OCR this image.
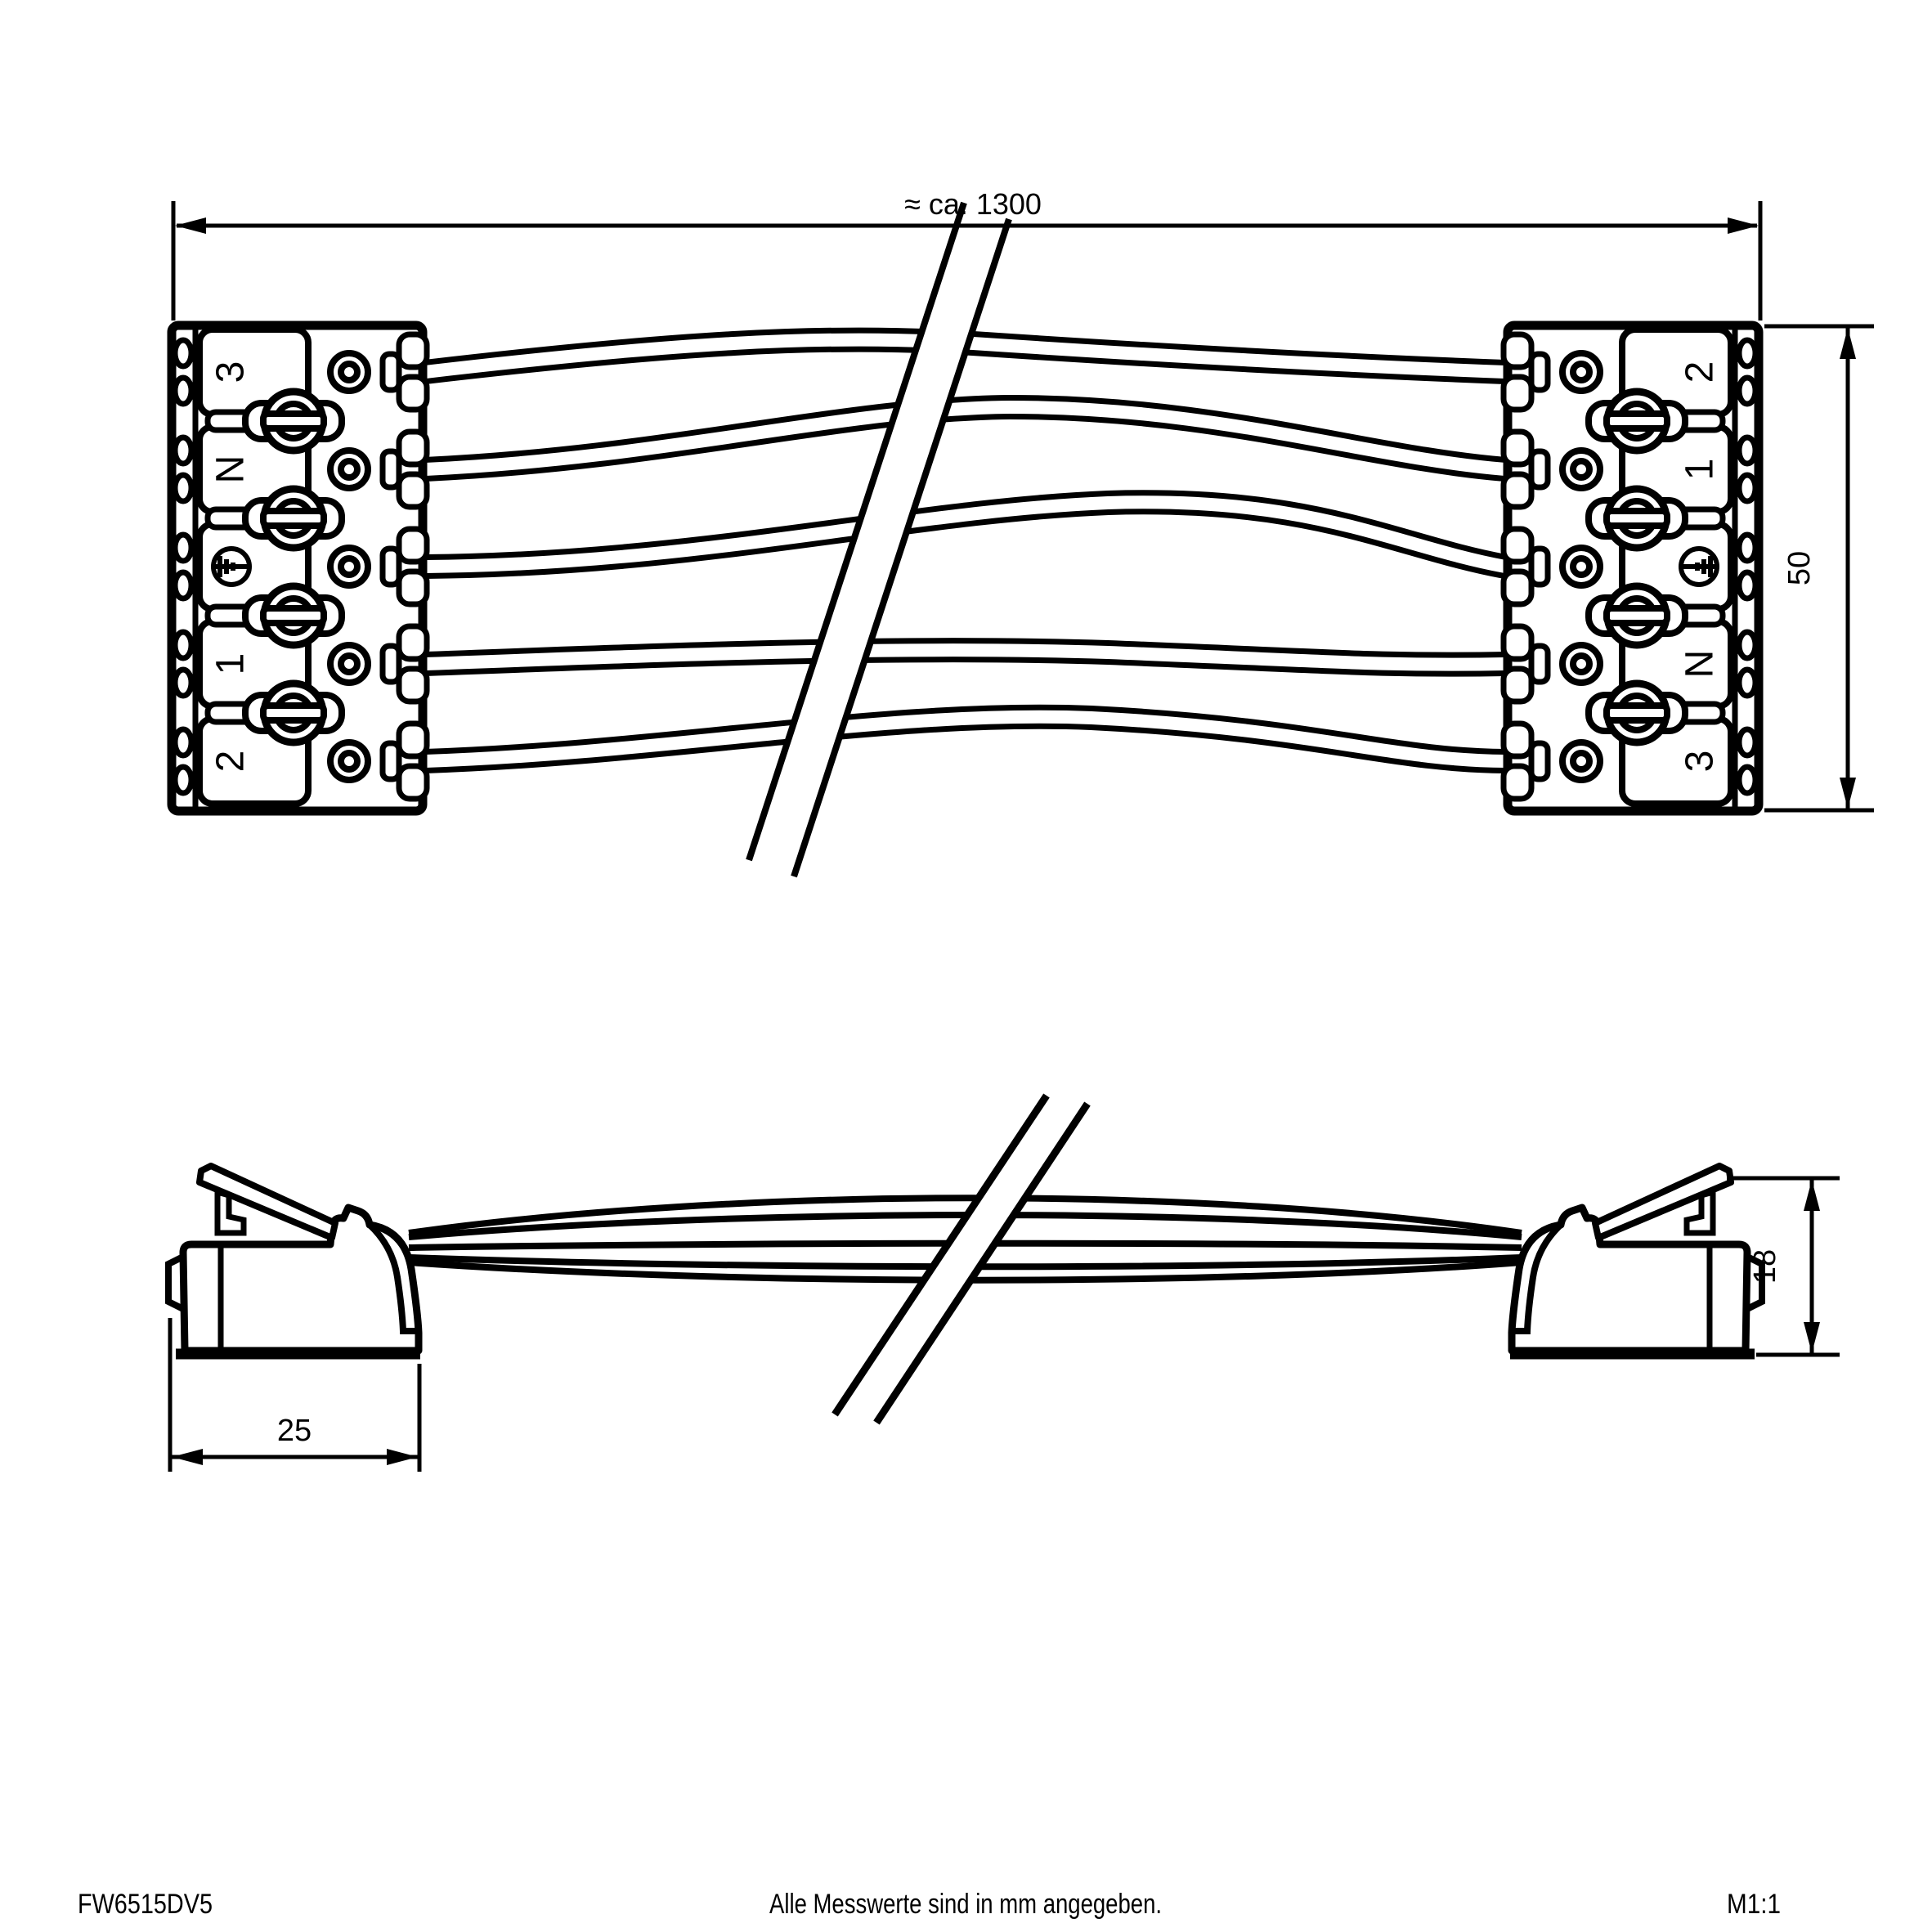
3
N
1
2
2
1
N
3
≈ ca. 1300
50
25
18
FW6515DV5	Alle Messwerte sind in mm angegeben.	M1:1
